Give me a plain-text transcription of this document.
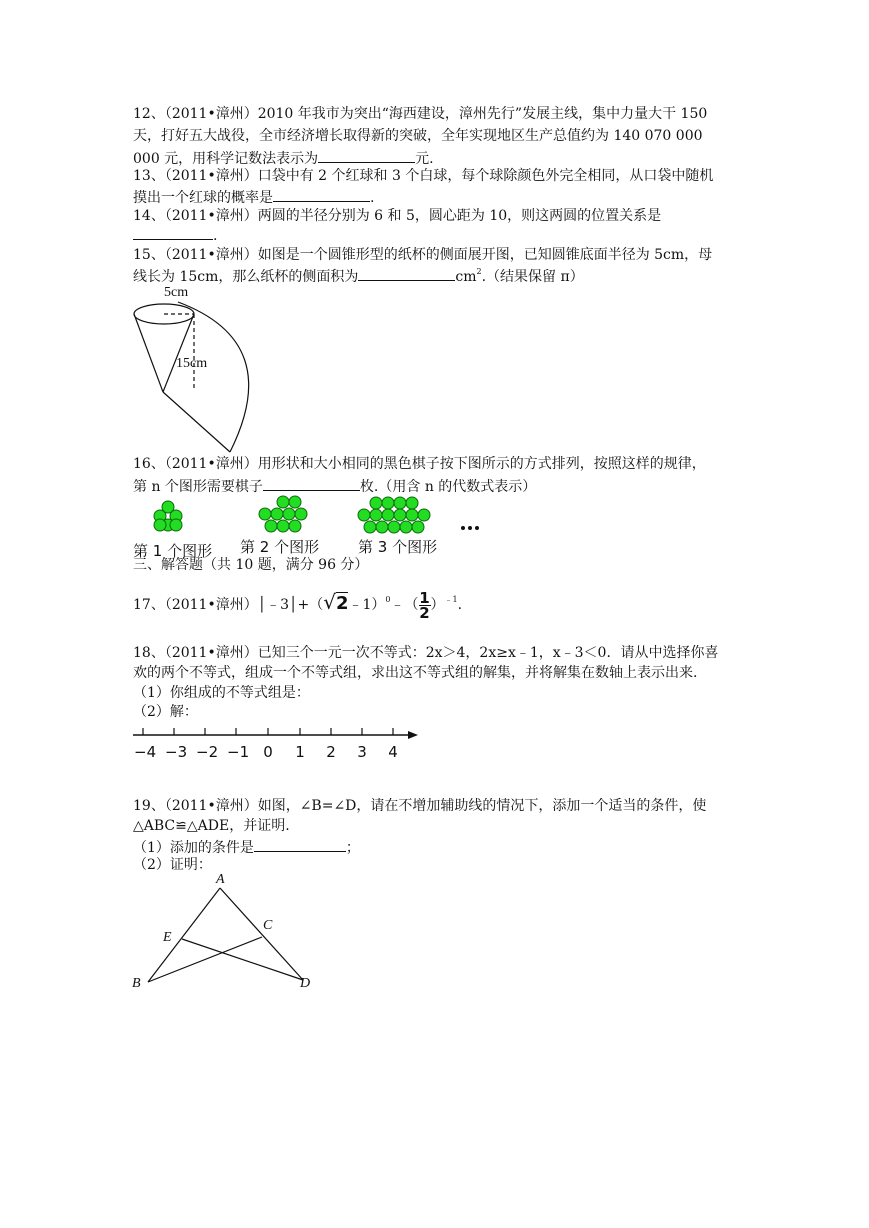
12、（2011•漳州）2010 年我市为突出“海西建设，漳州先行”发展主线，集中力量大干 150
天，打好五大战役，全市经济增长取得新的突破，全年实现地区生产总值约为 140 070 000
000 元，用科学记数法表示为	元.
13、（2011•漳州）口袋中有 2 个红球和 3 个白球，每个球除颜色外完全相同，从口袋中随机
摸出一个红球的概率是	.
14、（2011•漳州）两圆的半径分别为 6 和 5，圆心距为 10，则这两圆的位置关系是
.
15、（2011•漳州）如图是一个圆锥形型的纸杯的侧面展开图，已知圆锥底面半径为 5cm，母
线长为 15cm，那么纸杯的侧面积为	$cm^2$.（结果保留 π）
5cm
15cm
16、（2011•漳州）用形状和大小相同的黑色棋子按下图所示的方式排列，按照这样的规律，
第 n 个图形需要棋子	枚.（用含 n 的代数式表示）
第 1 个图形 第 2 个图形	第 3 个图形
三、解答题（共 10 题，满分 96 分）
17、（2011•漳州）│﹣3│+（√2﹣1）$^0$﹣（ $\frac{1}{2} )^{﹣1}$.
18、（2011•漳州）已知三个一元一次不等式：2x＞4，2x≥x﹣1，x﹣3＜0．请从中选择你喜
欢的两个不等式，组成一个不等式组，求出这不等式组的解集，并将解集在数轴上表示出来.
（1）你组成的不等式组是：
（2）解：
−4 −3 −2 −1 0 1 2 3 4
19、（2011•漳州）如图，∠B=∠D，请在不增加辅助线的情况下，添加一个适当的条件，使
△ABC≌△ADE，并证明.
（1）添加的条件是	；
（2）证明：
A
E
C
B	D
